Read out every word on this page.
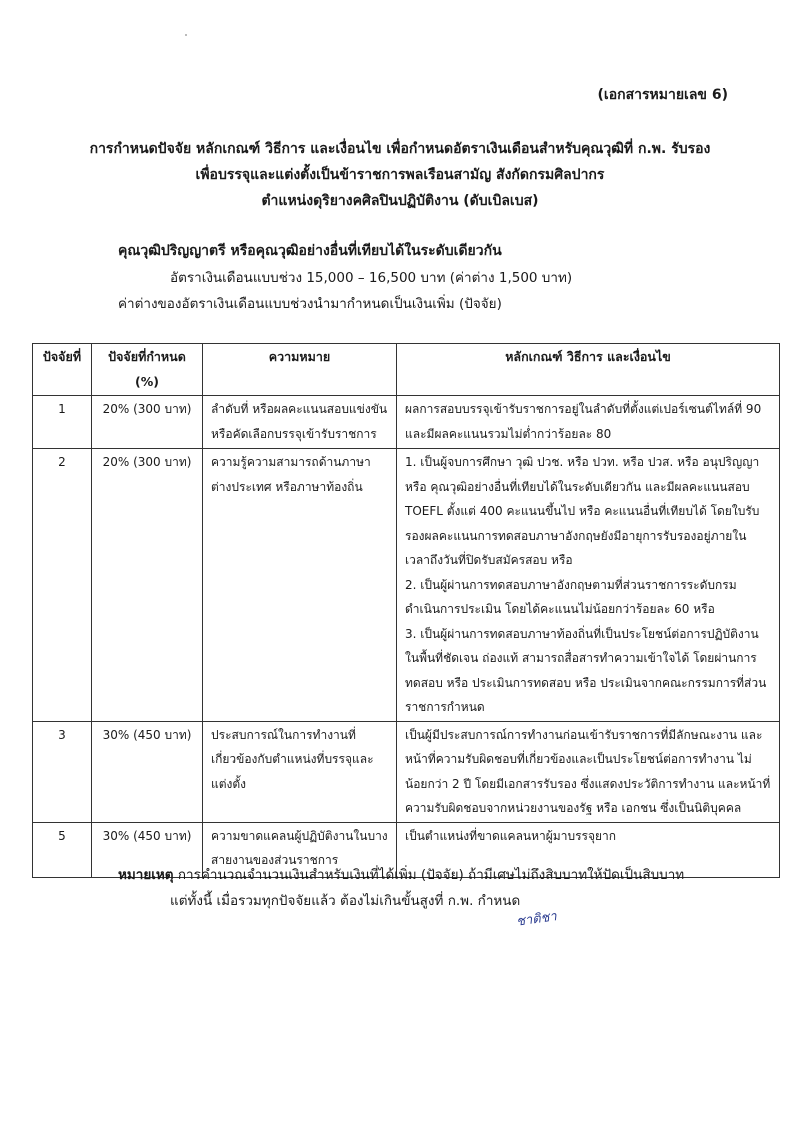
(เอกสารหมายเลข 6)
การกำหนดปัจจัย หลักเกณฑ์ วิธีการ และเงื่อนไข เพื่อกำหนดอัตราเงินเดือนสำหรับคุณวุฒิที่ ก.พ. รับรอง
เพื่อบรรจุและแต่งตั้งเป็นข้าราชการพลเรือนสามัญ สังกัดกรมศิลปากร
ตำแหน่งดุริยางคศิลปินปฏิบัติงาน (ดับเบิลเบส)
คุณวุฒิปริญญาตรี หรือคุณวุฒิอย่างอื่นที่เทียบได้ในระดับเดียวกัน
อัตราเงินเดือนแบบช่วง 15,000 – 16,500 บาท (ค่าต่าง 1,500 บาท)
ค่าต่างของอัตราเงินเดือนแบบช่วงนำมากำหนดเป็นเงินเพิ่ม (ปัจจัย)
ปัจจัยที่	ปัจจัยที่กำหนด (%)	ความหมาย	หลักเกณฑ์ วิธีการ และเงื่อนไข
1	20% (300 บาท)	ลำดับที่ หรือผลคะแนนสอบแข่งขัน หรือคัดเลือกบรรจุเข้ารับราชการ	ผลการสอบบรรจุเข้ารับราชการอยู่ในลำดับที่ตั้งแต่เปอร์เซนต์ไทล์ที่ 90 และมีผลคะแนนรวมไม่ต่ำกว่าร้อยละ 80

2	20% (300 บาท)	ความรู้ความสามารถด้านภาษาต่างประเทศ หรือภาษาท้องถิ่น	1. เป็นผู้จบการศึกษา วุฒิ ปวช. หรือ ปวท. หรือ ปวส. หรือ อนุปริญญา หรือ คุณวุฒิอย่างอื่นที่เทียบได้ในระดับเดียวกัน และมีผลคะแนนสอบ TOEFL ตั้งแต่ 400 คะแนนขึ้นไป หรือ คะแนนอื่นที่เทียบได้ โดยใบรับรองผลคะแนนการทดสอบภาษาอังกฤษยังมีอายุการรับรองอยู่ภายในเวลาถึงวันที่ปิดรับสมัครสอบ หรือ
2. เป็นผู้ผ่านการทดสอบภาษาอังกฤษตามที่ส่วนราชการระดับกรมดำเนินการประเมิน โดยได้คะแนนไม่น้อยกว่าร้อยละ 60 หรือ
3. เป็นผู้ผ่านการทดสอบภาษาท้องถิ่นที่เป็นประโยชน์ต่อการปฏิบัติงานในพื้นที่ชัดเจน ถ่องแท้ สามารถสื่อสารทำความเข้าใจได้ โดยผ่านการทดสอบ หรือ ประเมินการทดสอบ หรือ ประเมินจากคณะกรรมการที่ส่วนราชการกำหนด

3	30% (450 บาท)	ประสบการณ์ในการทำงานที่เกี่ยวข้องกับตำแหน่งที่บรรจุและแต่งตั้ง	เป็นผู้มีประสบการณ์การทำงานก่อนเข้ารับราชการที่มีลักษณะงาน และหน้าที่ความรับผิดชอบที่เกี่ยวข้องและเป็นประโยชน์ต่อการทำงาน ไม่น้อยกว่า 2 ปี โดยมีเอกสารรับรอง ซึ่งแสดงประวัติการทำงาน และหน้าที่ความรับผิดชอบจากหน่วยงานของรัฐ หรือ เอกชน ซึ่งเป็นนิติบุคคล

5	30% (450 บาท)	ความขาดแคลนผู้ปฏิบัติงานในบางสายงานของส่วนราชการ	เป็นตำแหน่งที่ขาดแคลนหาผู้มาบรรจุยาก
หมายเหตุ การคำนวณจำนวนเงินสำหรับเงินที่ได้เพิ่ม (ปัจจัย) ถ้ามีเศษไม่ถึงสิบบาทให้ปัดเป็นสิบบาท
แต่ทั้งนี้ เมื่อรวมทุกปัจจัยแล้ว ต้องไม่เกินขั้นสูงที่ ก.พ. กำหนด
ชาติชา
